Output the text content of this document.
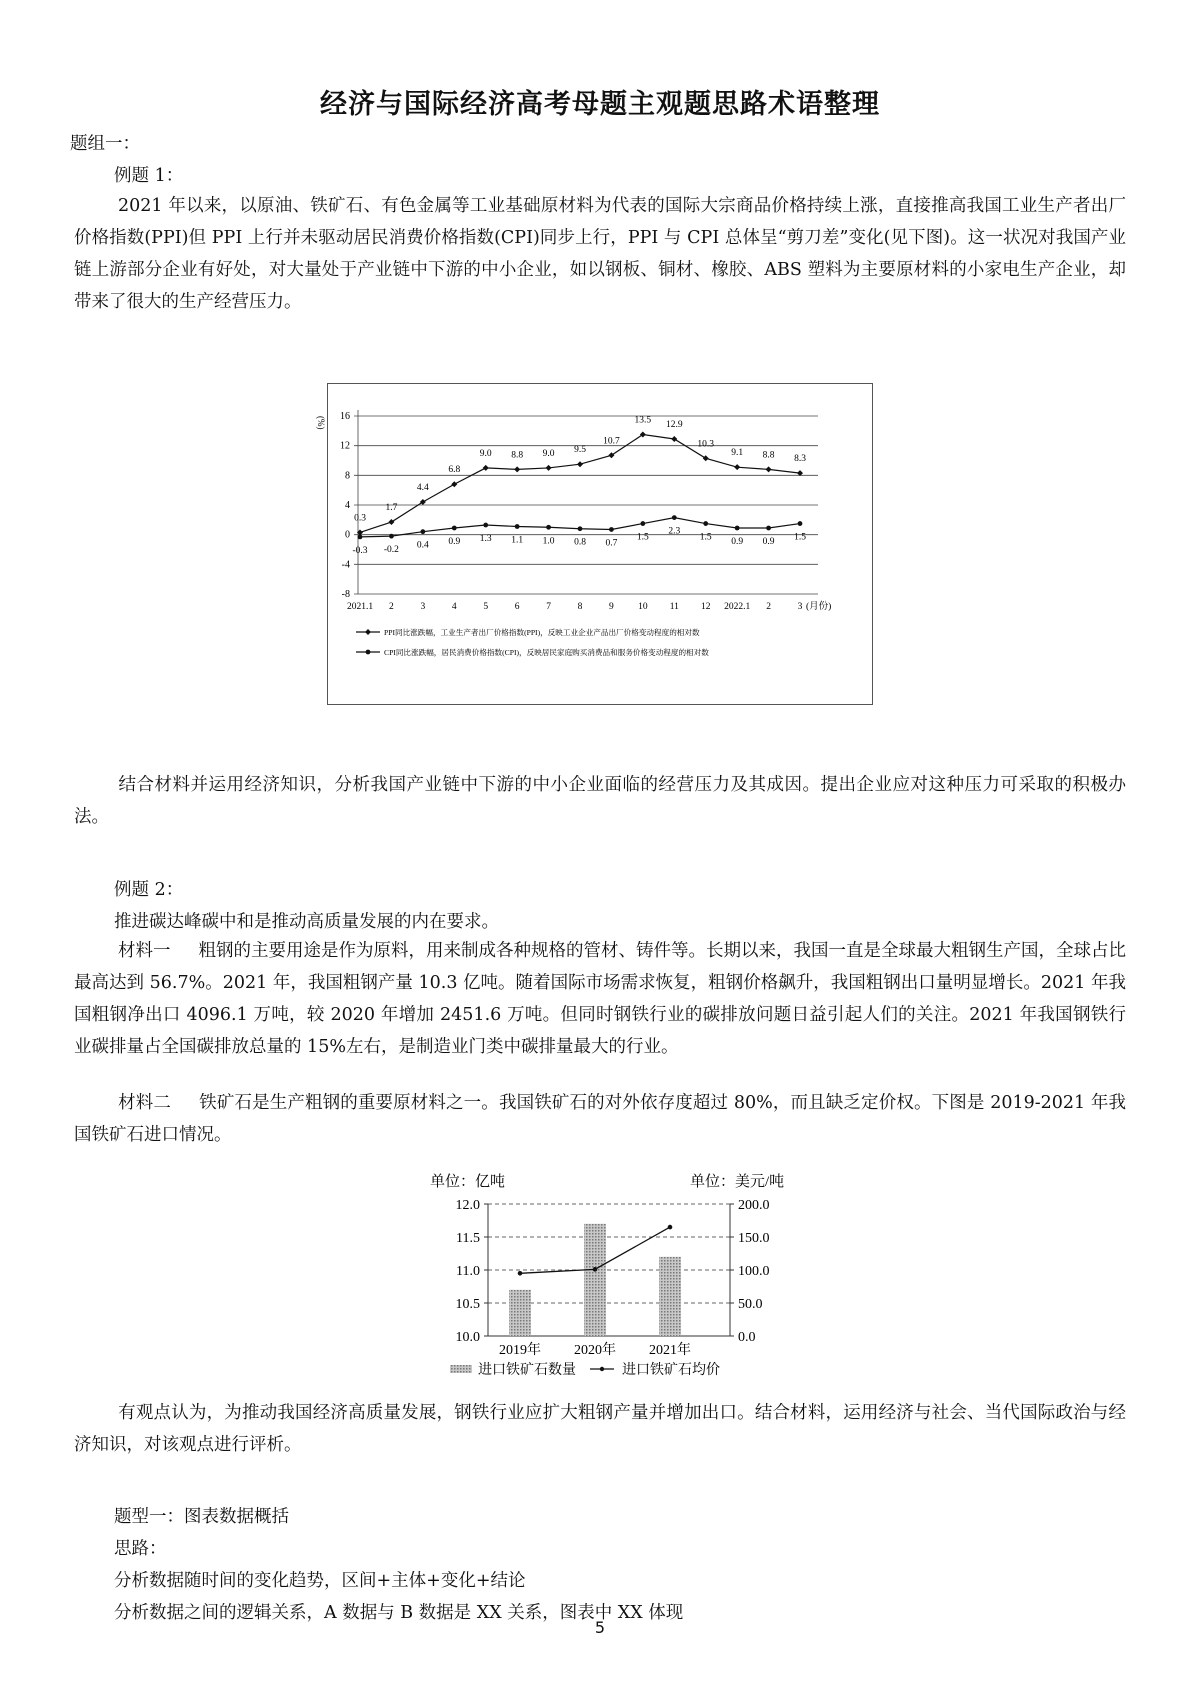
经济与国际经济高考母题主观题思路术语整理
题组一：
例题 1：
2021 年以来，以原油、铁矿石、有色金属等工业基础原材料为代表的国际大宗商品价格持续上涨，直接推高我国工业生产者出厂价格指数(PPI)但 PPI 上行并未驱动居民消费价格指数(CPI)同步上行，PPI 与 CPI 总体呈“剪刀差”变化(见下图)。这一状况对我国产业链上游部分企业有好处，对大量处于产业链中下游的中小企业，如以钢板、铜材、橡胶、ABS 塑料为主要原材料的小家电生产企业，却带来了很大的生产经营压力。
(%) 16
12
8
4
0
-4
-8
2021.1 2	3	4	5	6	7	8	9	10 11 12 2022.1 2	3 (月份)
0.3
1.7
4.4
6.8
9.0 8.8 9.0 9.5
10.7
13.5 12.9
10.3
9.1 8.8 8.3
-0.3 -0.2 0.4 0.9 1.3 1.1 1.0 0.8 0.7
1.5
2.3
1.5 0.9 0.9 1.5
PPI同比涨跌幅，工业生产者出厂价格指数(PPI)，反映工业企业产品出厂价格变动程度的相对数
CPI同比涨跌幅，居民消费价格指数(CPI)，反映居民家庭购买消费品和服务价格变动程度的相对数
结合材料并运用经济知识，分析我国产业链中下游的中小企业面临的经营压力及其成因。提出企业应对这种压力可采取的积极办法。
例题 2：
推进碳达峰碳中和是推动高质量发展的内在要求。
材料一 粗钢的主要用途是作为原料，用来制成各种规格的管材、铸件等。长期以来，我国一直是全球最大粗钢生产国，全球占比最高达到 56.7%。2021 年，我国粗钢产量 10.3 亿吨。随着国际市场需求恢复，粗钢价格飙升，我国粗钢出口量明显增长。2021 年我国粗钢净出口 4096.1 万吨，较 2020 年增加 2451.6 万吨。但同时钢铁行业的碳排放问题日益引起人们的关注。2021 年我国钢铁行业碳排量占全国碳排放总量的 15%左右，是制造业门类中碳排量最大的行业。
材料二 铁矿石是生产粗钢的重要原材料之一。我国铁矿石的对外依存度超过 80%，而且缺乏定价权。下图是 2019-2021 年我国铁矿石进口情况。
单位：亿吨	单位：美元/吨
12.0	200.0
11.5	150.0
11.0	100.0
10.5	50.0
10.0	0.0
2019年 2020年 2021年
进口铁矿石数量	进口铁矿石均价
有观点认为，为推动我国经济高质量发展，钢铁行业应扩大粗钢产量并增加出口。结合材料，运用经济与社会、当代国际政治与经济知识，对该观点进行评析。
题型一：图表数据概括
思路：
分析数据随时间的变化趋势，区间+主体+变化+结论
分析数据之间的逻辑关系，A 数据与 B 数据是 XX 关系，图表中 XX 体现
5
